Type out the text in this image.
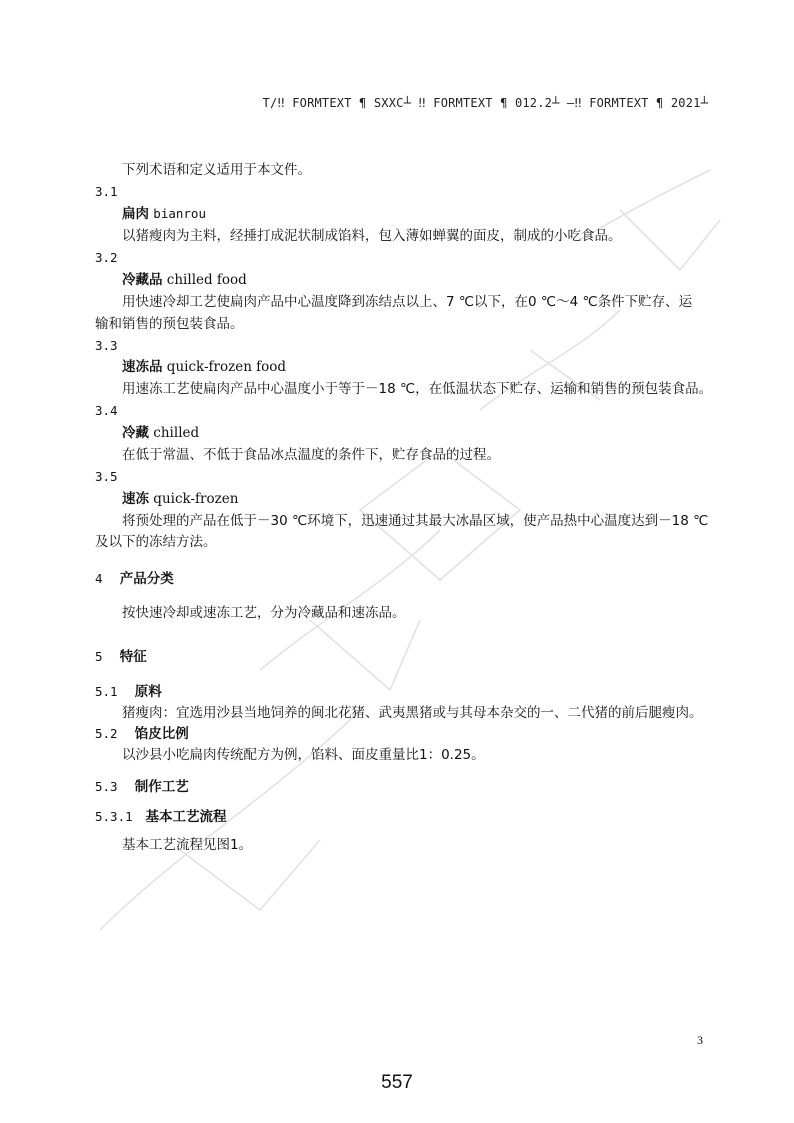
T/‼ FORMTEXT ¶ SXXC┴ ‼ FORMTEXT ¶ 012.2┴ —‼ FORMTEXT ¶ 2021┴
下列术语和定义适用于本文件。
3.1
扁肉 bianrou
以猪瘦肉为主料，经捶打成泥状制成馅料，包入薄如蝉翼的面皮，制成的小吃食品。
3.2
冷藏品 chilled food
用快速冷却工艺使扁肉产品中心温度降到冻结点以上、7 ℃以下，在0 ℃～4 ℃条件下贮存、运
输和销售的预包装食品。
3.3
速冻品 quick-frozen food
用速冻工艺使扁肉产品中心温度小于等于－18 ℃，在低温状态下贮存、运输和销售的预包装食品。
3.4
冷藏 chilled
在低于常温、不低于食品冰点温度的条件下，贮存食品的过程。
3.5
速冻 quick-frozen
将预处理的产品在低于－30 ℃环境下，迅速通过其最大冰晶区域，使产品热中心温度达到－18 ℃
及以下的冻结方法。
4 产品分类
按快速冷却或速冻工艺，分为冷藏品和速冻品。
5 特征
5.1 原料
猪瘦肉：宜选用沙县当地饲养的闽北花猪、武夷黑猪或与其母本杂交的一、二代猪的前后腿瘦肉。
5.2 馅皮比例
以沙县小吃扁肉传统配方为例，馅料、面皮重量比1：0.25。
5.3 制作工艺
5.3.1 基本工艺流程
基本工艺流程见图1。
3
557
